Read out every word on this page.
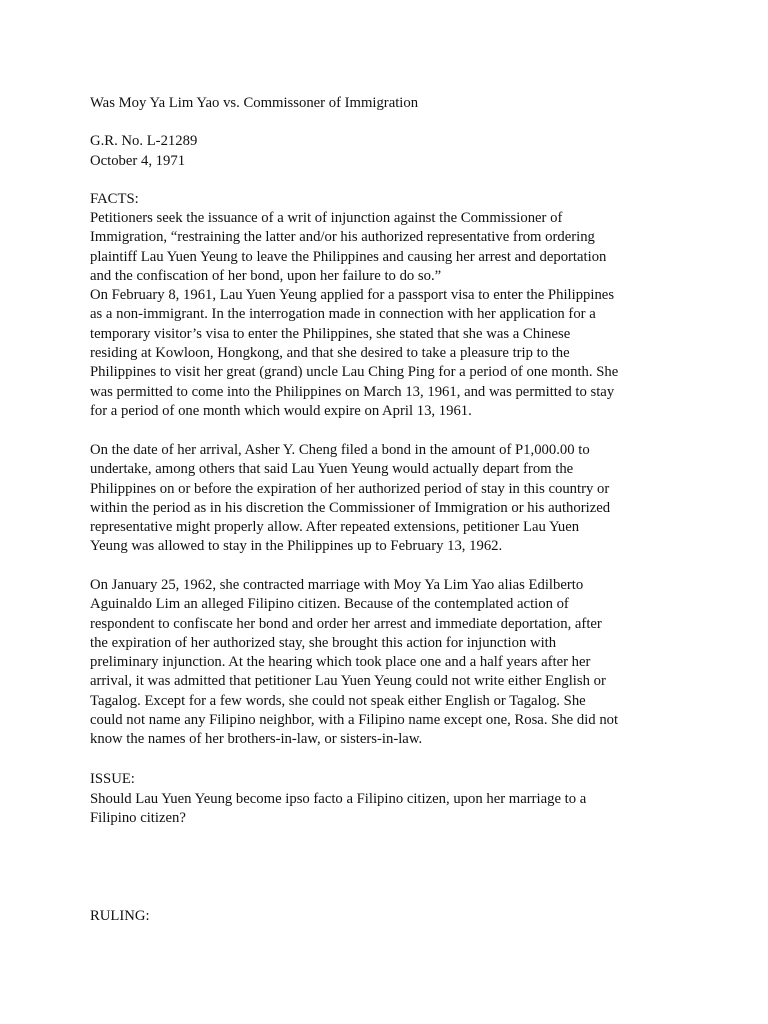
Was Moy Ya Lim Yao vs. Commissoner of Immigration
G.R. No. L-21289
October 4, 1971
FACTS:
Petitioners seek the issuance of a writ of injunction against the Commissioner of
Immigration, “restraining the latter and/or his authorized representative from ordering
plaintiff Lau Yuen Yeung to leave the Philippines and causing her arrest and deportation
and the confiscation of her bond, upon her failure to do so.”
On February 8, 1961, Lau Yuen Yeung applied for a passport visa to enter the Philippines
as a non-immigrant. In the interrogation made in connection with her application for a
temporary visitor’s visa to enter the Philippines, she stated that she was a Chinese
residing at Kowloon, Hongkong, and that she desired to take a pleasure trip to the
Philippines to visit her great (grand) uncle Lau Ching Ping for a period of one month. She
was permitted to come into the Philippines on March 13, 1961, and was permitted to stay
for a period of one month which would expire on April 13, 1961.
On the date of her arrival, Asher Y. Cheng filed a bond in the amount of P1,000.00 to
undertake, among others that said Lau Yuen Yeung would actually depart from the
Philippines on or before the expiration of her authorized period of stay in this country or
within the period as in his discretion the Commissioner of Immigration or his authorized
representative might properly allow. After repeated extensions, petitioner Lau Yuen
Yeung was allowed to stay in the Philippines up to February 13, 1962.
On January 25, 1962, she contracted marriage with Moy Ya Lim Yao alias Edilberto
Aguinaldo Lim an alleged Filipino citizen. Because of the contemplated action of
respondent to confiscate her bond and order her arrest and immediate deportation, after
the expiration of her authorized stay, she brought this action for injunction with
preliminary injunction. At the hearing which took place one and a half years after her
arrival, it was admitted that petitioner Lau Yuen Yeung could not write either English or
Tagalog. Except for a few words, she could not speak either English or Tagalog. She
could not name any Filipino neighbor, with a Filipino name except one, Rosa. She did not
know the names of her brothers-in-law, or sisters-in-law.
ISSUE:
Should Lau Yuen Yeung become ipso facto a Filipino citizen, upon her marriage to a
Filipino citizen?
RULING:
